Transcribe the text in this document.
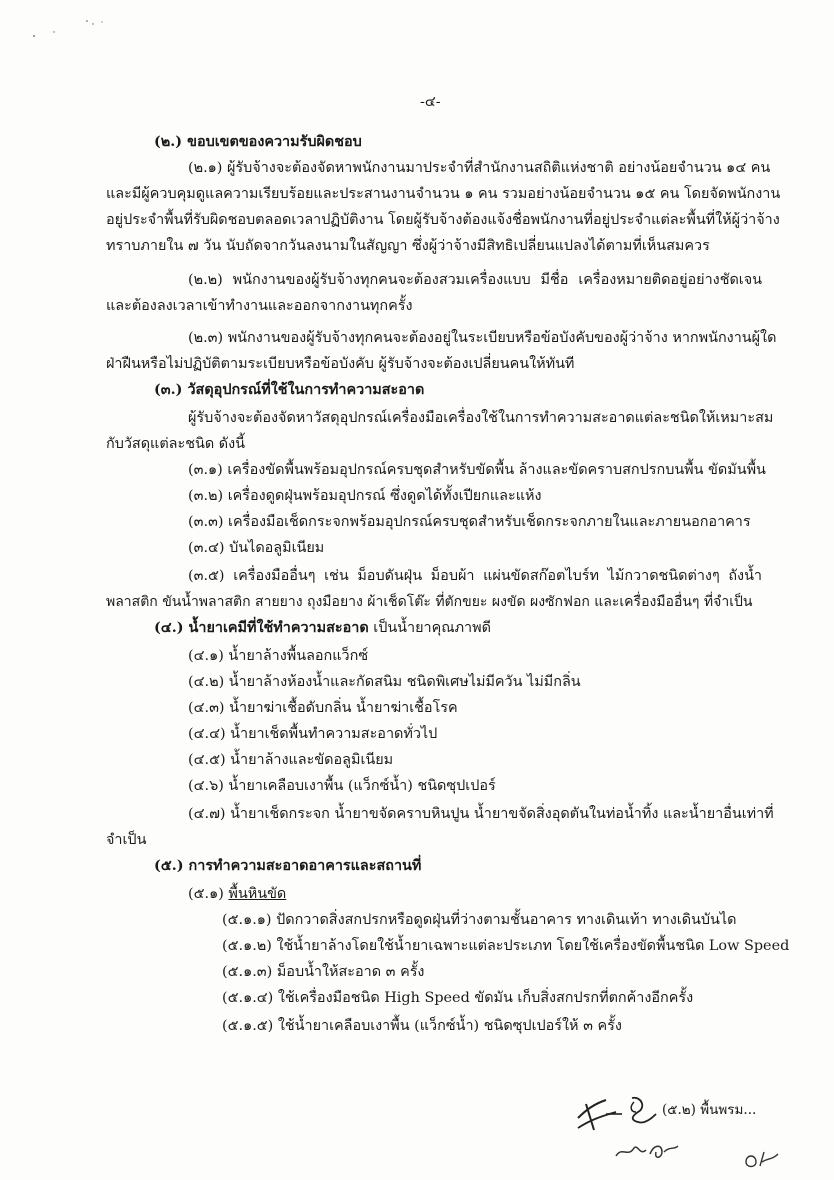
-๔-
(๒.) ขอบเขตของความรับผิดชอบ
(๒.๑) ผู้รับจ้างจะต้องจัดหาพนักงานมาประจำที่สำนักงานสถิติแห่งชาติ อย่างน้อยจำนวน ๑๔ คน
และมีผู้ควบคุมดูแลความเรียบร้อยและประสานงานจำนวน ๑ คน รวมอย่างน้อยจำนวน ๑๕ คน โดยจัดพนักงาน
อยู่ประจำพื้นที่รับผิดชอบตลอดเวลาปฏิบัติงาน โดยผู้รับจ้างต้องแจ้งชื่อพนักงานที่อยู่ประจำแต่ละพื้นที่ให้ผู้ว่าจ้าง
ทราบภายใน ๗ วัน นับถัดจากวันลงนามในสัญญา ซึ่งผู้ว่าจ้างมีสิทธิเปลี่ยนแปลงได้ตามที่เห็นสมควร
(๒.๒) พนักงานของผู้รับจ้างทุกคนจะต้องสวมเครื่องแบบ มีชื่อ เครื่องหมายติดอยู่อย่างชัดเจน
และต้องลงเวลาเข้าทำงานและออกจากงานทุกครั้ง
(๒.๓) พนักงานของผู้รับจ้างทุกคนจะต้องอยู่ในระเบียบหรือข้อบังคับของผู้ว่าจ้าง หากพนักงานผู้ใด
ฝ่าฝืนหรือไม่ปฏิบัติตามระเบียบหรือข้อบังคับ ผู้รับจ้างจะต้องเปลี่ยนคนให้ทันที
(๓.) วัสดุอุปกรณ์ที่ใช้ในการทำความสะอาด
ผู้รับจ้างจะต้องจัดหาวัสดุอุปกรณ์เครื่องมือเครื่องใช้ในการทำความสะอาดแต่ละชนิดให้เหมาะสม
กับวัสดุแต่ละชนิด ดังนี้
(๓.๑) เครื่องขัดพื้นพร้อมอุปกรณ์ครบชุดสำหรับขัดพื้น ล้างและขัดคราบสกปรกบนพื้น ขัดมันพื้น
(๓.๒) เครื่องดูดฝุ่นพร้อมอุปกรณ์ ซึ่งดูดได้ทั้งเปียกและแห้ง
(๓.๓) เครื่องมือเช็ดกระจกพร้อมอุปกรณ์ครบชุดสำหรับเช็ดกระจกภายในและภายนอกอาคาร
(๓.๔) บันไดอลูมิเนียม
(๓.๕) เครื่องมืออื่นๆ เช่น ม็อบดันฝุ่น ม็อบผ้า แผ่นขัดสก๊อตไบร์ท ไม้กวาดชนิดต่างๆ ถังน้ำ
พลาสติก ขันน้ำพลาสติก สายยาง ถุงมือยาง ผ้าเช็ดโต๊ะ ที่ตักขยะ ผงขัด ผงซักฟอก และเครื่องมืออื่นๆ ที่จำเป็น
(๔.) น้ำยาเคมีที่ใช้ทำความสะอาด เป็นน้ำยาคุณภาพดี
(๔.๑) น้ำยาล้างพื้นลอกแว็กซ์
(๔.๒) น้ำยาล้างห้องน้ำและกัดสนิม ชนิดพิเศษไม่มีควัน ไม่มีกลิ่น
(๔.๓) น้ำยาฆ่าเชื้อดับกลิ่น น้ำยาฆ่าเชื้อโรค
(๔.๔) น้ำยาเช็ดพื้นทำความสะอาดทั่วไป
(๔.๕) น้ำยาล้างและขัดอลูมิเนียม
(๔.๖) น้ำยาเคลือบเงาพื้น (แว็กซ์น้ำ) ชนิดซุปเปอร์
(๔.๗) น้ำยาเช็ดกระจก น้ำยาขจัดคราบหินปูน น้ำยาขจัดสิ่งอุดตันในท่อน้ำทิ้ง และน้ำยาอื่นเท่าที่
จำเป็น
(๕.) การทำความสะอาดอาคารและสถานที่
(๕.๑) พื้นหินขัด
(๕.๑.๑) ปัดกวาดสิ่งสกปรกหรือดูดฝุ่นที่ว่างตามชั้นอาคาร ทางเดินเท้า ทางเดินบันได
(๕.๑.๒) ใช้น้ำยาล้างโดยใช้น้ำยาเฉพาะแต่ละประเภท โดยใช้เครื่องขัดพื้นชนิด Low Speed
(๕.๑.๓) ม็อบน้ำให้สะอาด ๓ ครั้ง
(๕.๑.๔) ใช้เครื่องมือชนิด High Speed ขัดมัน เก็บสิ่งสกปรกที่ตกค้างอีกครั้ง
(๕.๑.๕) ใช้น้ำยาเคลือบเงาพื้น (แว็กซ์น้ำ) ชนิดซุปเปอร์ให้ ๓ ครั้ง
(๕.๒) พื้นพรม...
